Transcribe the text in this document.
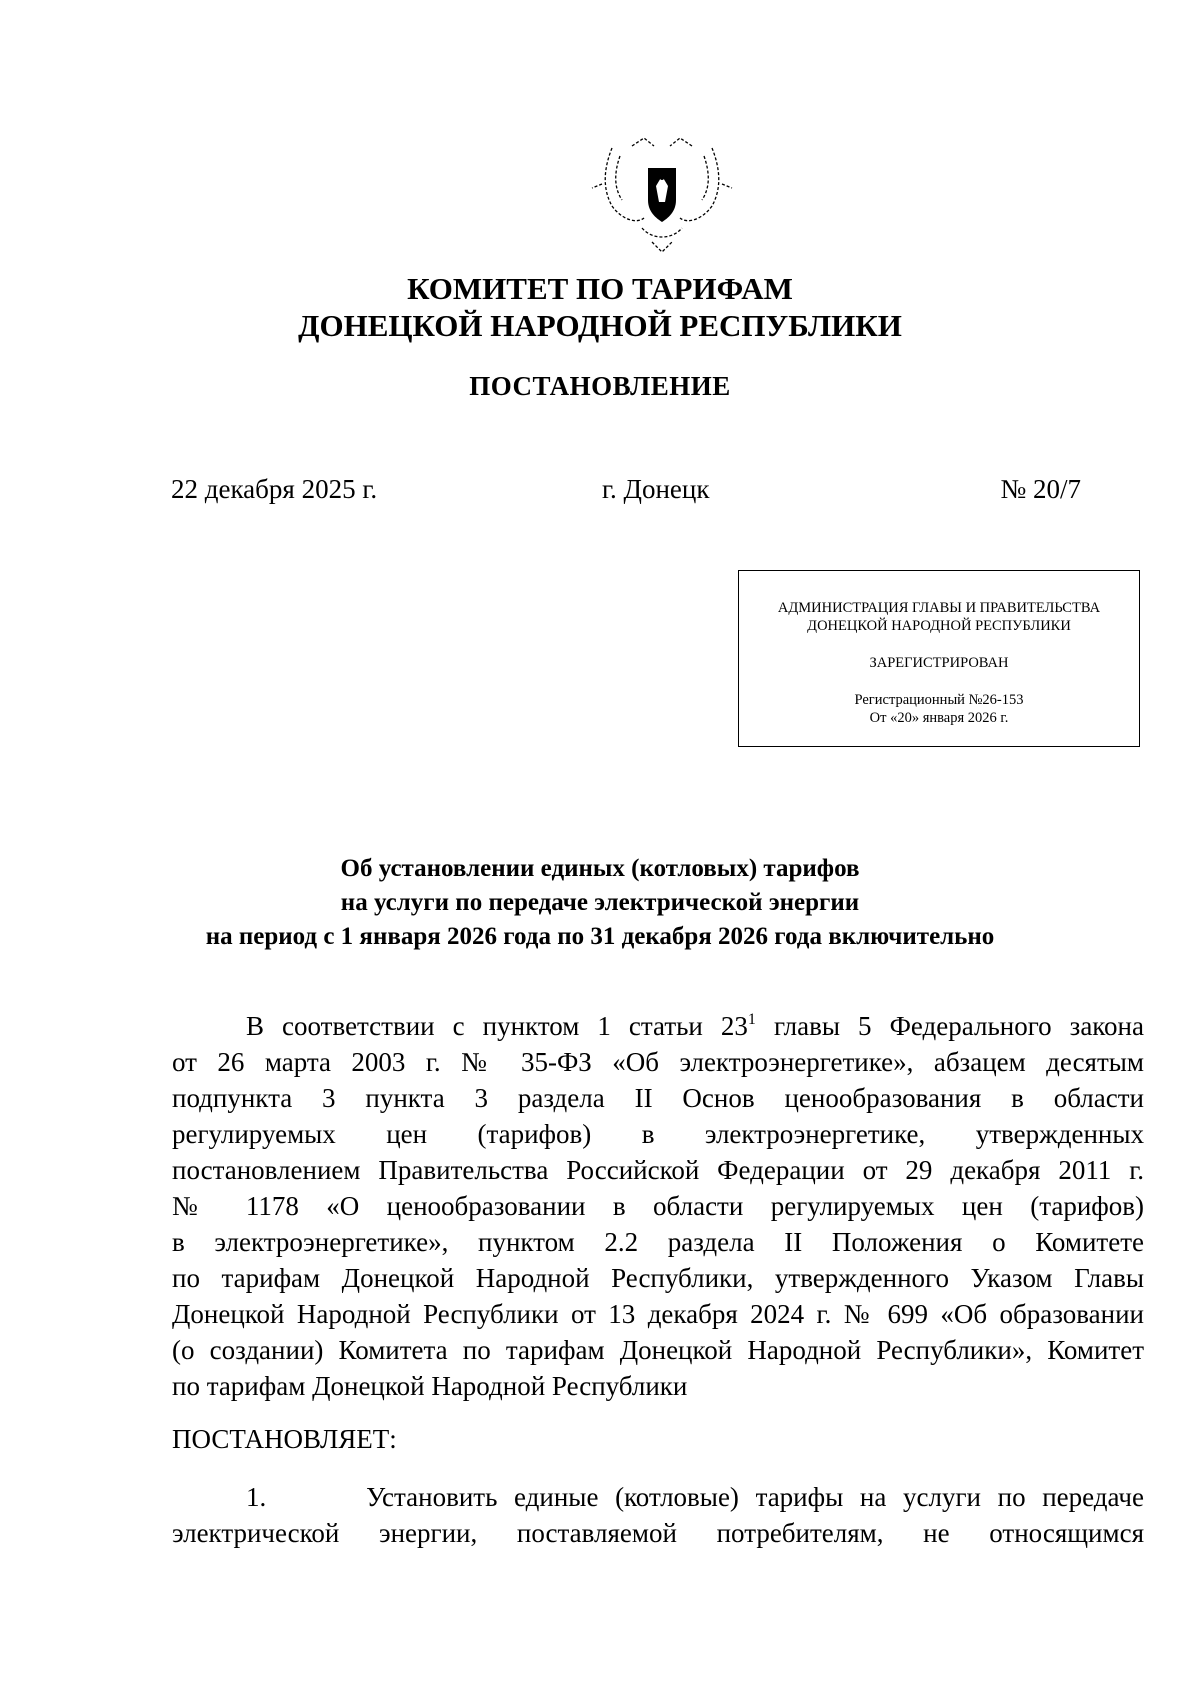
КОМИТЕТ ПО ТАРИФАМ
ДОНЕЦКОЙ НАРОДНОЙ РЕСПУБЛИКИ
ПОСТАНОВЛЕНИЕ
22 декабря 2025 г.	г. Донецк	№ 20/7
АДМИНИСТРАЦИЯ ГЛАВЫ И ПРАВИТЕЛЬСТВА
ДОНЕЦКОЙ НАРОДНОЙ РЕСПУБЛИКИ
ЗАРЕГИСТРИРОВАН
Регистрационный №26-153
От «20» января 2026 г.
Об установлении единых (котловых) тарифов
на услуги по передаче электрической энергии
на период с 1 января 2026 года по 31 декабря 2026 года включительно
В соответствии с пунктом 1 статьи $23^1$ главы 5 Федерального закона
от 26 марта 2003 г. № 35-ФЗ «Об электроэнергетике», абзацем десятым
подпункта 3 пункта 3 раздела II Основ ценообразования в области
регулируемых цен (тарифов) в электроэнергетике, утвержденных
постановлением Правительства Российской Федерации от 29 декабря 2011 г.
№ 1178 «О ценообразовании в области регулируемых цен (тарифов)
в электроэнергетике», пунктом 2.2 раздела II Положения о Комитете
по тарифам Донецкой Народной Республики, утвержденного Указом Главы
Донецкой Народной Республики от 13 декабря 2024 г. № 699 «Об образовании
(о создании) Комитета по тарифам Донецкой Народной Республики», Комитет
по тарифам Донецкой Народной Республики
ПОСТАНОВЛЯЕТ:
1.	Установить единые (котловые) тарифы на услуги по передаче
электрической энергии, поставляемой потребителям, не относящимся
